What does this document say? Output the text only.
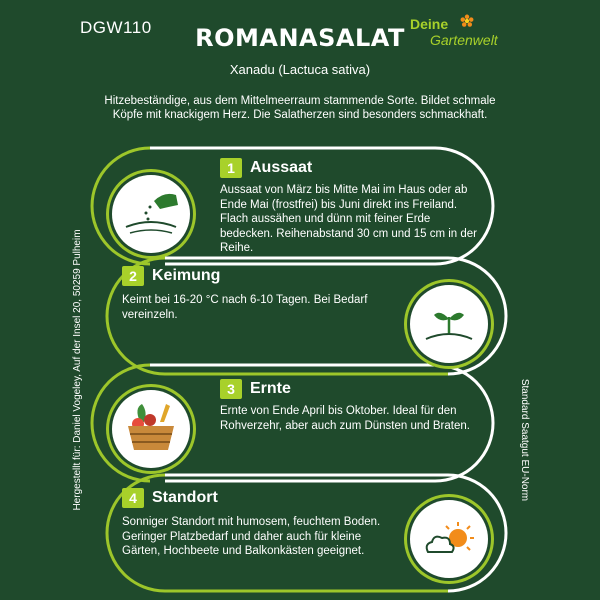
DGW110	ROMANASALAT
Xanadu (Lactuca sativa)
Deine
Gartenwelt
Hitzebeständige, aus dem Mittelmeerraum stammende Sorte. Bildet schmale Köpfe mit knackigem Herz. Die Salatherzen sind besonders schmackhaft.
1 Aussaat
Aussaat von März bis Mitte Mai im Haus oder ab Ende Mai (frostfrei) bis Juni direkt ins Freiland. Flach aussähen und dünn mit feiner Erde bedecken. Reihenabstand 30 cm und 15 cm in der Reihe.
2 Keimung
Keimt bei 16-20 °C nach 6-10 Tagen. Bei Bedarf vereinzeln.
3 Ernte
Ernte von Ende April bis Oktober. Ideal für den Rohverzehr, aber auch zum Dünsten und Braten.
4 Standort
Sonniger Standort mit humosem, feuchtem Boden. Geringer Platzbedarf und daher auch für kleine Gärten, Hochbeete und Balkonkästen geeignet.
Hergestellt für: Daniel Vogeley, Auf der Insel 20, 50259 Pulheim	Standard Saatgut EU-Norm
